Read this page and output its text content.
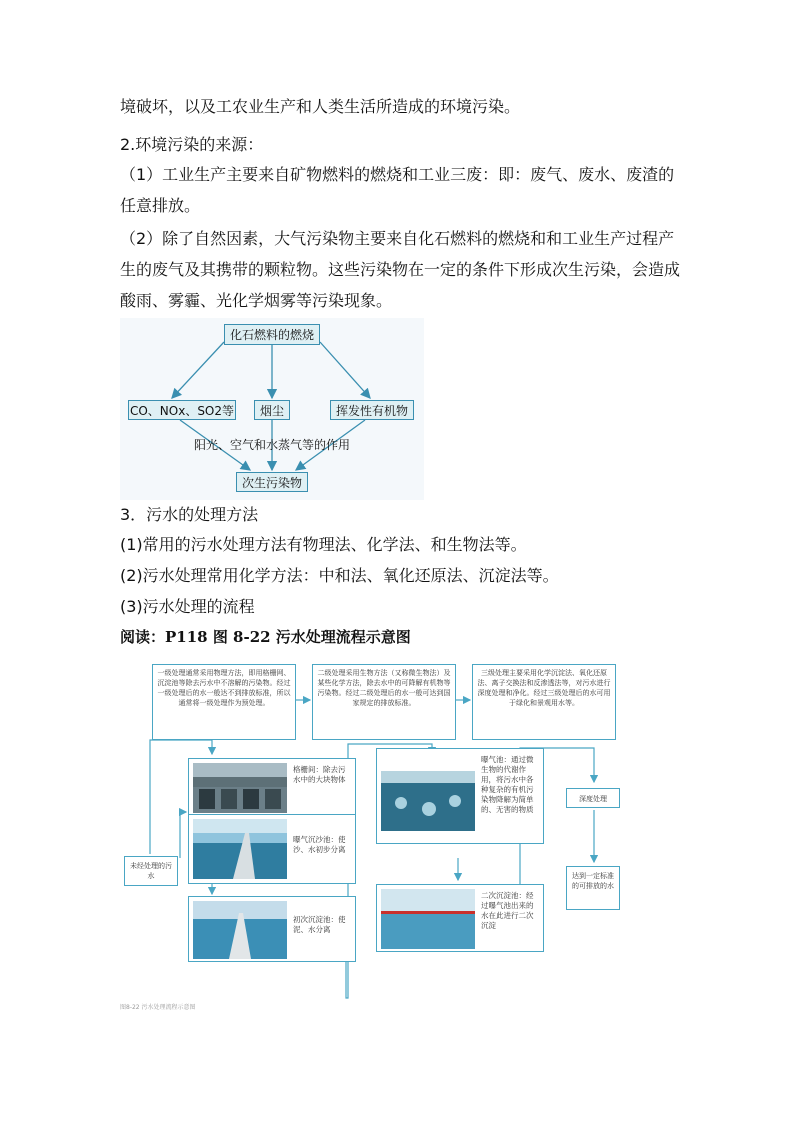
境破坏，以及工农业生产和人类生活所造成的环境污染。
2.环境污染的来源：
（1）工业生产主要来自矿物燃料的燃烧和工业三废：即：废气、废水、废渣的
任意排放。
（2）除了自然因素，大气污染物主要来自化石燃料的燃烧和和工业生产过程产
生的废气及其携带的颗粒物。这些污染物在一定的条件下形成次生污染，会造成
酸雨、雾霾、光化学烟雾等污染现象。
化石燃料的燃烧
CO、NOx、SO2等	烟尘	挥发性有机物
阳光、空气和水蒸气等的作用
次生污染物
3．污水的处理方法
(1)常用的污水处理方法有物理法、化学法、和生物法等。
(2)污水处理常用化学方法：中和法、氧化还原法、沉淀法等。
(3)污水处理的流程
阅读：P118 图 8-22 污水处理流程示意图
一级处理通常采用物理方法，即用格栅网、沉淀池等除去污水中不溶解的污染物。经过一级处理后的水一般达不到排放标准，所以通常将一级处理作为预处理。
二级处理采用生物方法（又称微生物法）及某些化学方法，除去水中的可降解有机物等污染物。经过二级处理后的水一般可达到国家规定的排放标准。
三级处理主要采用化学沉淀法、氧化还原法、离子交换法和反渗透法等，对污水进行深度处理和净化。经过三级处理后的水可用于绿化和景观用水等。
未经处理的污水
格栅间：除去污水中的大块物体
曝气沉沙池：使沙、水初步分离
初次沉淀池：使泥、水分离
曝气池：通过微生物的代谢作用，将污水中各种复杂的有机污染物降解为简单的、无害的物质
二次沉淀池：经过曝气池出来的水在此进行二次沉淀
深度处理
达到一定标准的可排放的水
图8-22 污水处理流程示意图
